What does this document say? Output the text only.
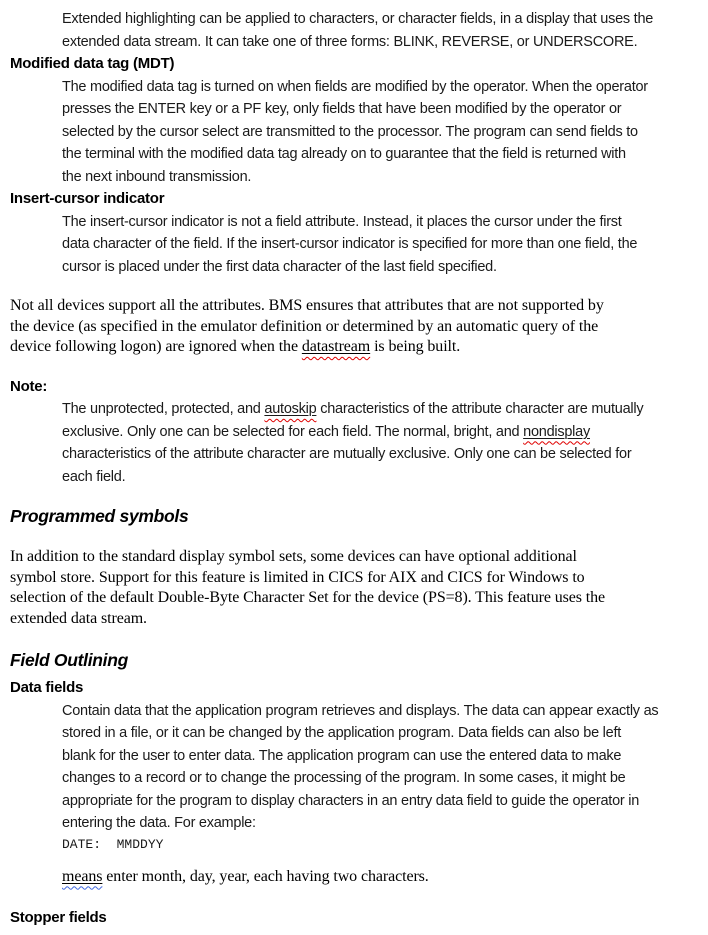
Extended highlighting can be applied to characters, or character fields, in a display that uses the
extended data stream. It can take one of three forms: BLINK, REVERSE, or UNDERSCORE.
Modified data tag (MDT)
The modified data tag is turned on when fields are modified by the operator. When the operator
presses the ENTER key or a PF key, only fields that have been modified by the operator or
selected by the cursor select are transmitted to the processor. The program can send fields to
the terminal with the modified data tag already on to guarantee that the field is returned with
the next inbound transmission.
Insert-cursor indicator
The insert-cursor indicator is not a field attribute. Instead, it places the cursor under the first
data character of the field. If the insert-cursor indicator is specified for more than one field, the
cursor is placed under the first data character of the last field specified.
Not all devices support all the attributes. BMS ensures that attributes that are not supported by
the device (as specified in the emulator definition or determined by an automatic query of the
device following logon) are ignored when the datastream is being built.
Note:
The unprotected, protected, and autoskip characteristics of the attribute character are mutually
exclusive. Only one can be selected for each field. The normal, bright, and nondisplay
characteristics of the attribute character are mutually exclusive. Only one can be selected for
each field.
Programmed symbols
In addition to the standard display symbol sets, some devices can have optional additional
symbol store. Support for this feature is limited in CICS for AIX and CICS for Windows to
selection of the default Double-Byte Character Set for the device (PS=8). This feature uses the
extended data stream.
Field Outlining
Data fields
Contain data that the application program retrieves and displays. The data can appear exactly as
stored in a file, or it can be changed by the application program. Data fields can also be left
blank for the user to enter data. The application program can use the entered data to make
changes to a record or to change the processing of the program. In some cases, it might be
appropriate for the program to display characters in an entry data field to guide the operator in
entering the data. For example:
DATE:  MMDDYY
means enter month, day, year, each having two characters.
Stopper fields
